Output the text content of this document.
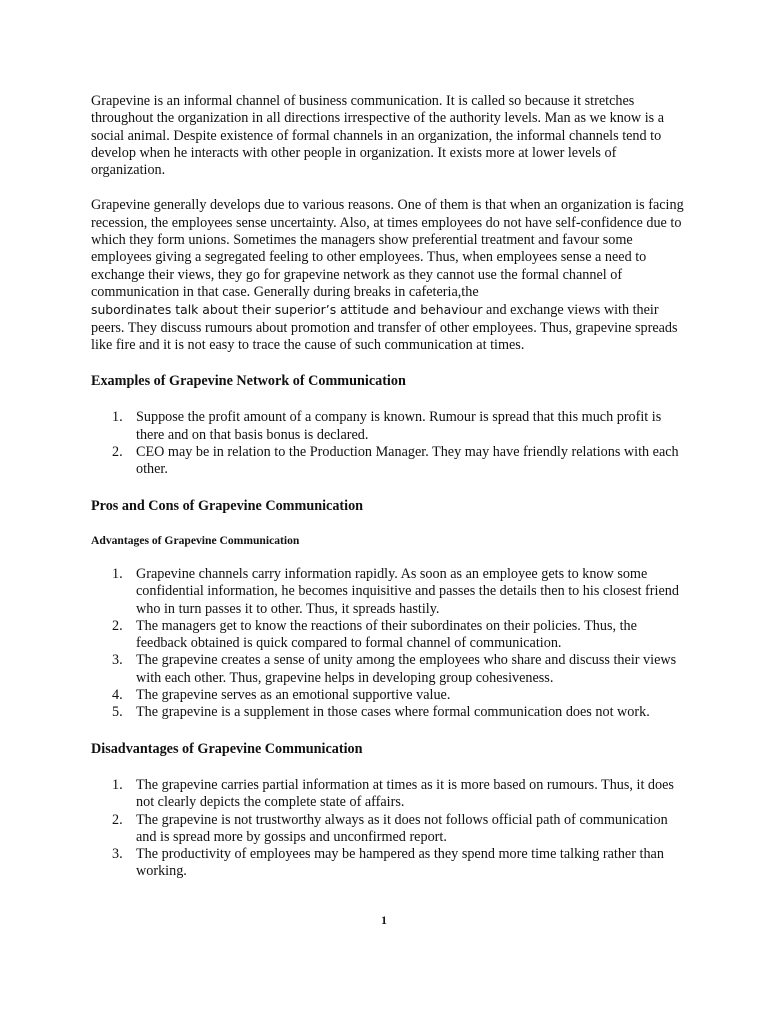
Grapevine is an informal channel of business communication. It is called so because it stretches throughout the organization in all directions irrespective of the authority levels. Man as we know is a social animal. Despite existence of formal channels in an organization, the informal channels tend to develop when he interacts with other people in organization. It exists more at lower levels of organization.

Grapevine generally develops due to various reasons. One of them is that when an organization is facing recession, the employees sense uncertainty. Also, at times employees do not have self-confidence due to which they form unions. Sometimes the managers show preferential treatment and favour some employees giving a segregated feeling to other employees. Thus, when employees sense a need to exchange their views, they go for grapevine network as they cannot use the formal channel of communication in that case. Generally during breaks in cafeteria,the
subordinates talk about their superior’s attitude and behaviour and exchange views with their peers. They discuss rumours about promotion and transfer of other employees. Thus, grapevine spreads like fire and it is not easy to trace the cause of such communication at times.

Examples of Grapevine Network of Communication
1. Suppose the profit amount of a company is known. Rumour is spread that this much profit is there and on that basis bonus is declared.
2. CEO may be in relation to the Production Manager. They may have friendly relations with each other.
Pros and Cons of Grapevine Communication
Advantages of Grapevine Communication
1. Grapevine channels carry information rapidly. As soon as an employee gets to know some confidential information, he becomes inquisitive and passes the details then to his closest friend who in turn passes it to other. Thus, it spreads hastily.
2. The managers get to know the reactions of their subordinates on their policies. Thus, the feedback obtained is quick compared to formal channel of communication.
3. The grapevine creates a sense of unity among the employees who share and discuss their views with each other. Thus, grapevine helps in developing group cohesiveness.
4. The grapevine serves as an emotional supportive value.
5. The grapevine is a supplement in those cases where formal communication does not work.
Disadvantages of Grapevine Communication
1. The grapevine carries partial information at times as it is more based on rumours. Thus, it does not clearly depicts the complete state of affairs.
2. The grapevine is not trustworthy always as it does not follows official path of communication and is spread more by gossips and unconfirmed report.
3. The productivity of employees may be hampered as they spend more time talking rather than working.
1
